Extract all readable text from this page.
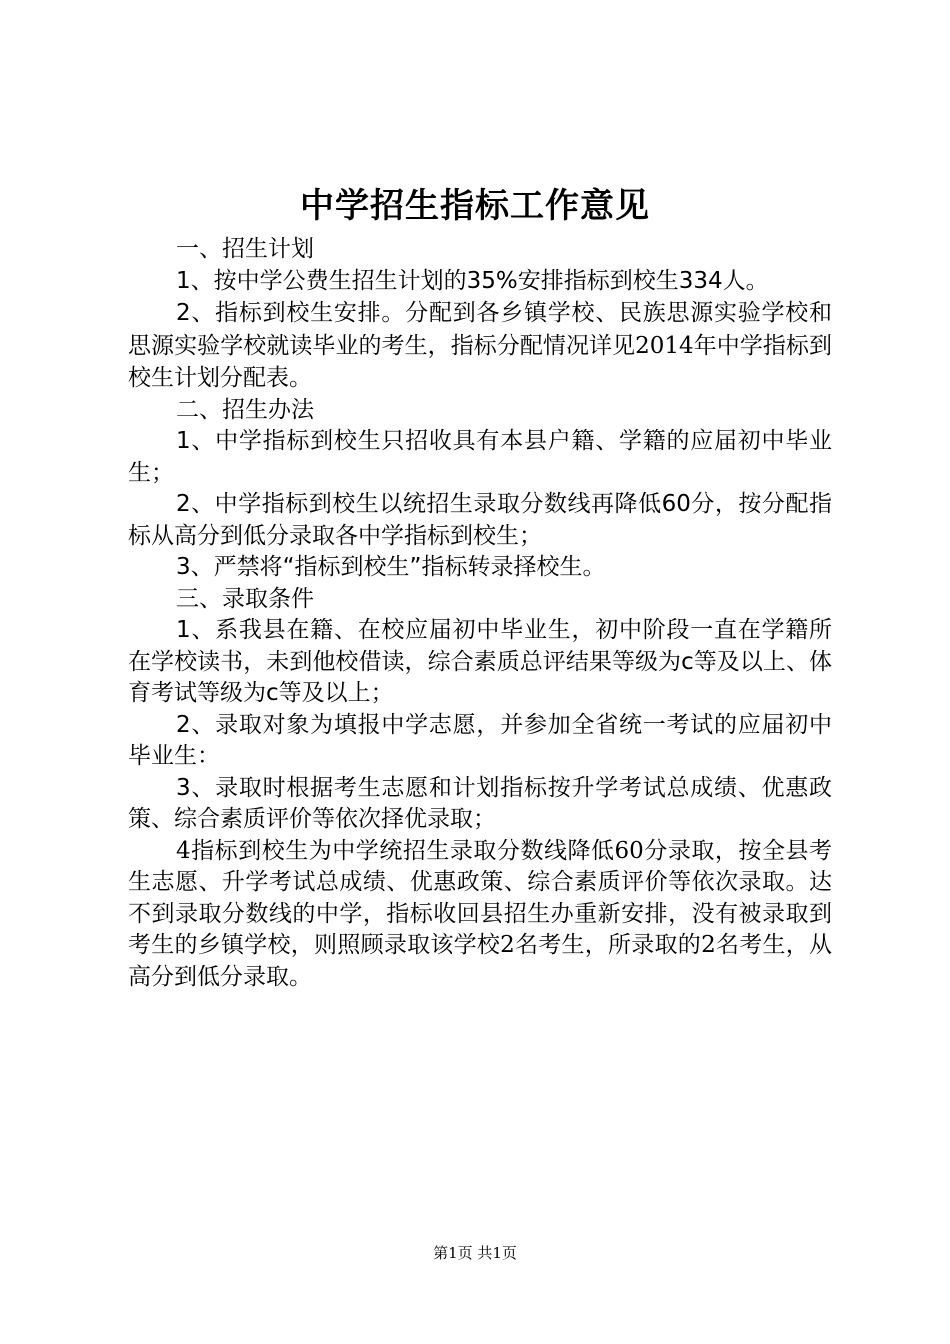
中学招生指标工作意见

一、招生计划

1、按中学公费生招生计划的35%安排指标到校生334人。

2、指标到校生安排。分配到各乡镇学校、民族思源实验学校和思源实验学校就读毕业的考生，指标分配情况详见2014年中学指标到校生计划分配表。

二、招生办法

1、中学指标到校生只招收具有本县户籍、学籍的应届初中毕业生；

2、中学指标到校生以统招生录取分数线再降低60分，按分配指标从高分到低分录取各中学指标到校生；

3、严禁将“指标到校生”指标转录择校生。

三、录取条件

1、系我县在籍、在校应届初中毕业生，初中阶段一直在学籍所在学校读书，未到他校借读，综合素质总评结果等级为c等及以上、体育考试等级为c等及以上；

2、录取对象为填报中学志愿，并参加全省统一考试的应届初中毕业生：

3、录取时根据考生志愿和计划指标按升学考试总成绩、优惠政策、综合素质评价等依次择优录取；

4指标到校生为中学统招生录取分数线降低60分录取，按全县考生志愿、升学考试总成绩、优惠政策、综合素质评价等依次录取。达不到录取分数线的中学，指标收回县招生办重新安排，没有被录取到考生的乡镇学校，则照顾录取该学校2名考生，所录取的2名考生，从高分到低分录取。

第1页 共1页
